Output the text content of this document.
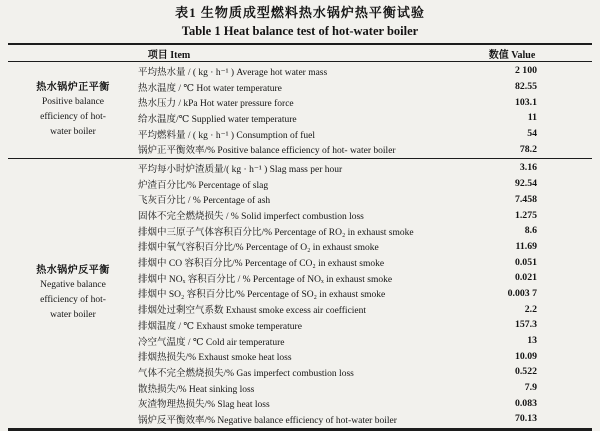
表1 生物质成型燃料热水锅炉热平衡试验
Table 1 Heat balance test of hot-water boiler
项目 Item	数值 Value
热水锅炉正平衡
Positive balance
efficiency of hot-
water boiler
平均热水量 / ( kg · h⁻¹ ) Average hot water mass	2 100
热水温度 / ℃ Hot water temperature	82.55
热水压力 / kPa Hot water pressure force	103.1
给水温度/℃ Supplied water temperature	11
平均燃料量 / ( kg · h⁻¹ ) Consumption of fuel	54
锅炉正平衡效率/% Positive balance efficiency of hot- water boiler	78.2
热水锅炉反平衡
Negative balance
efficiency of hot-
water boiler
平均每小时炉渣质量/( kg · h⁻¹ ) Slag mass per hour	3.16
炉渣百分比/% Percentage of slag	92.54
飞灰百分比 / % Percentage of ash	7.458
固体不完全燃烧损失 / % Solid imperfect combustion loss	1.275
排烟中三原子气体容积百分比/% Percentage of RO₂ in exhaust smoke	8.6
排烟中氧气容积百分比/% Percentage of O₂ in exhaust smoke	11.69
排烟中 CO 容积百分比/% Percentage of CO₂ in exhaust smoke	0.051
排烟中 NOₓ 容积百分比 / % Percentage of NOₓ in exhaust smoke	0.021
排烟中 SO₂ 容积百分比/% Percentage of SO₂ in exhaust smoke	0.003 7
排烟处过剩空气系数 Exhaust smoke excess air coefficient	2.2
排烟温度 / ℃ Exhaust smoke temperature	157.3
冷空气温度 / ℃ Cold air temperature	13
排烟热损失/% Exhaust smoke heat loss	10.09
气体不完全燃烧损失/% Gas imperfect combustion loss	0.522
散热损失/% Heat sinking loss	7.9
灰渣物理热损失/% Slag heat loss	0.083
锅炉反平衡效率/% Negative balance efficiency of hot-water boiler	70.13
